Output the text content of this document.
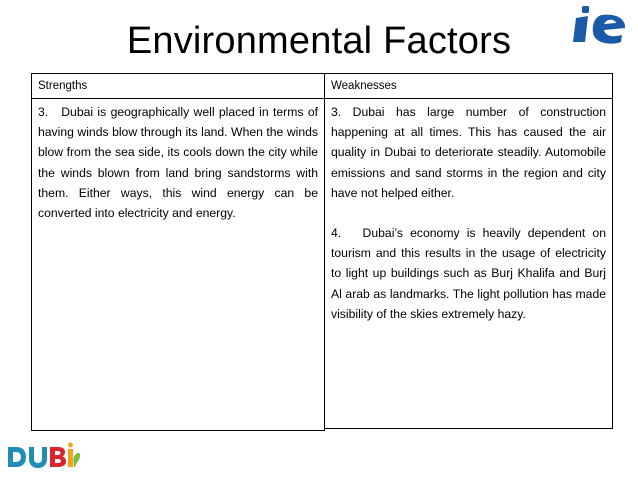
Environmental Factors
Strengths	Weaknesses

3.   Dubai is geographically well placed in terms of having winds blow through its land. When the winds blow from the sea side, its cools down the city while the winds blown from land bring sandstorms with them. Either ways, this wind energy can be converted into electricity and energy.

3. Dubai has large number of construction happening at all times. This has caused the air quality in Dubai to deteriorate steadily. Automobile emissions and sand storms in the region and city have not helped either.

4.   Dubai’s economy is heavily dependent on tourism and this results in the usage of electricity to light up buildings such as Burj Khalifa and Burj Al arab as landmarks. The light pollution has made visibility of the skies extremely hazy.
